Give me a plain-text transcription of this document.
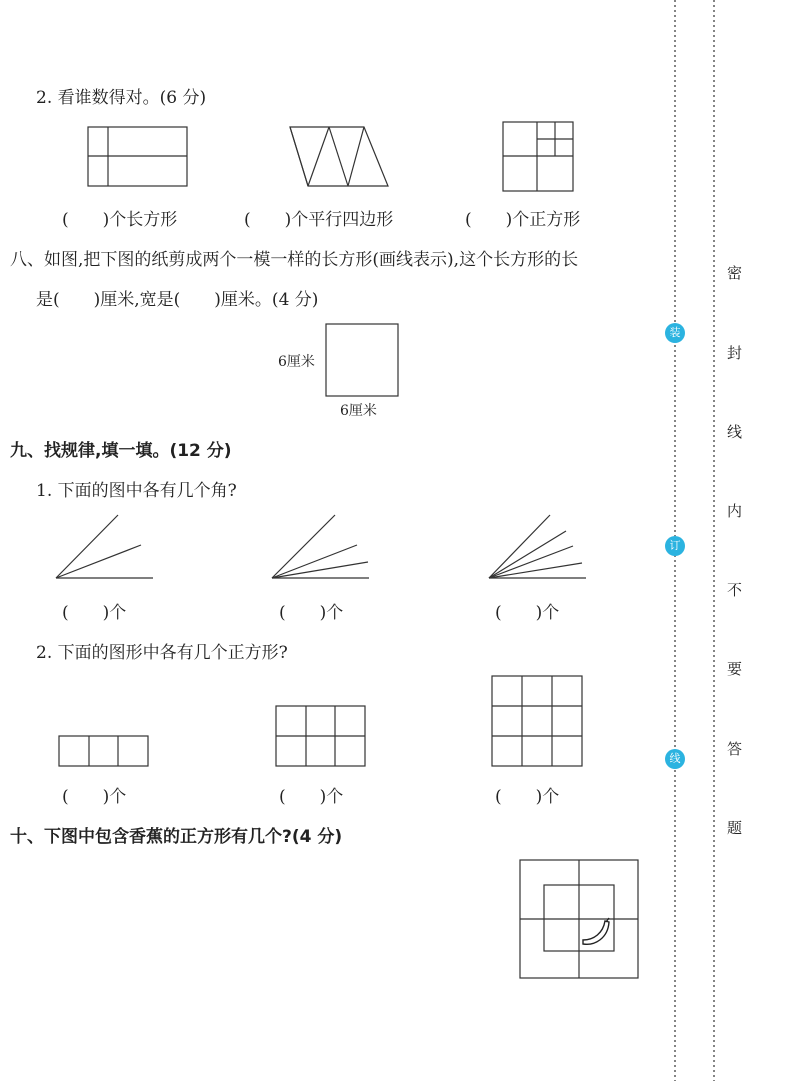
2. 看谁数得对。(6 分)
(　　)个长方形	(　　)个平行四边形	(　　)个正方形
八、如图,把下图的纸剪成两个一模一样的长方形(画线表示),这个长方形的长
是(　　)厘米,宽是(　　)厘米。(4 分)
6厘米
6厘米
九、找规律,填一填。(12 分)
1. 下面的图中各有几个角?
(　　)个	(　　)个	(　　)个
2. 下面的图形中各有几个正方形?
(　　)个	(　　)个	(　　)个
十、下图中包含香蕉的正方形有几个?(4 分)
密
封
线
内
不
要
答
题
装
订
线
